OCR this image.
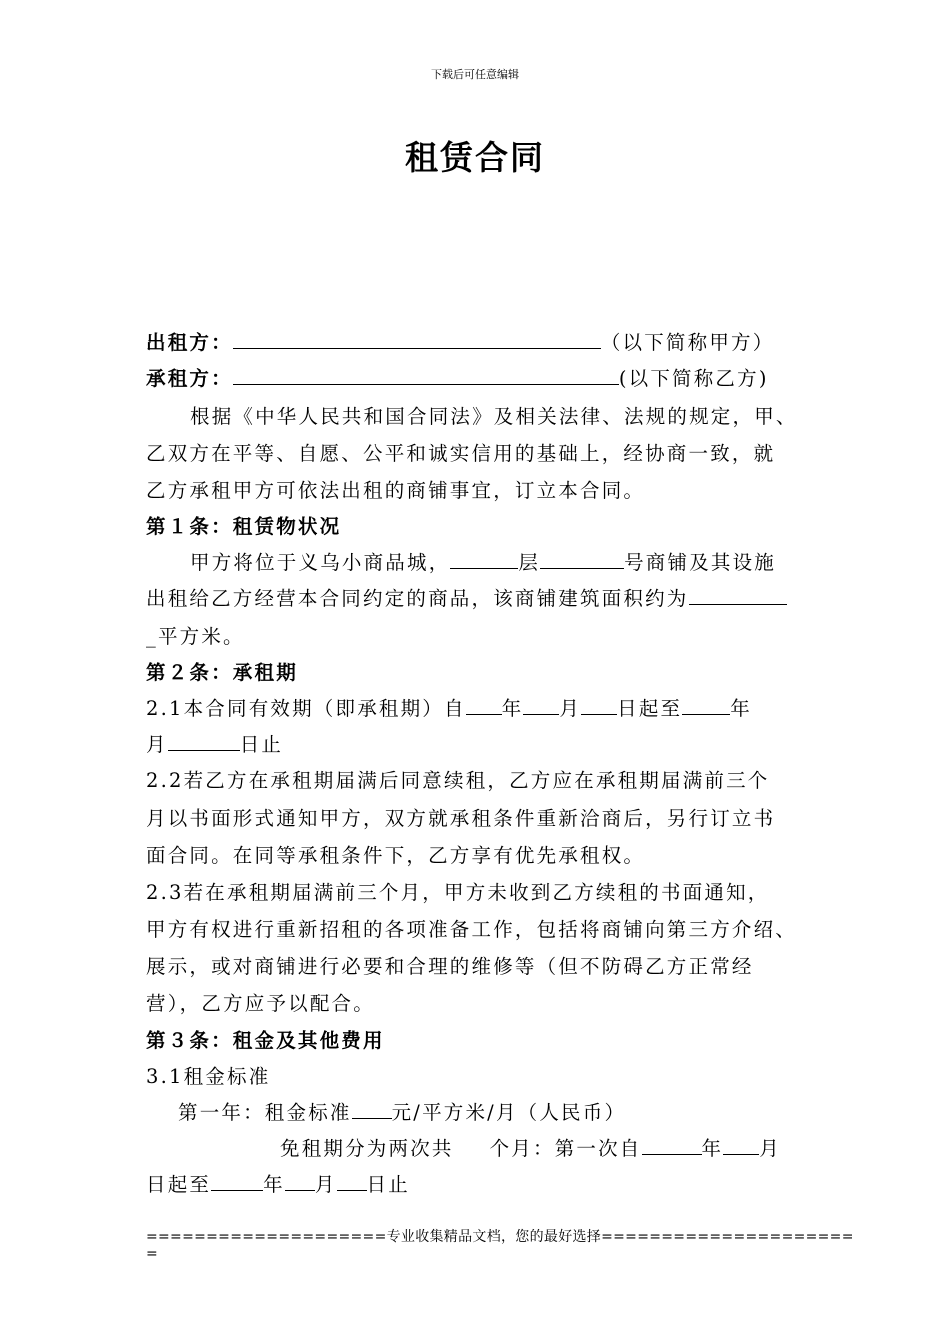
下载后可任意编辑
租赁合同
出租方：	（以下简称甲方）
承租方：	(以下简称乙方)
根据《中华人民共和国合同法》及相关法律、法规的规定，甲、
乙双方在平等、自愿、公平和诚实信用的基础上，经协商一致，就
乙方承租甲方可依法出租的商铺事宜，订立本合同。
第１条：租赁物状况
甲方将位于义乌小商品城，	层	号商铺及其设施
出租给乙方经营本合同约定的商品，该商铺建筑面积约为
_平方米。
第２条：承租期
2.1本合同有效期（即承租期）自 年 月 日起至 年
月	日止
2.2若乙方在承租期届满后同意续租，乙方应在承租期届满前三个
月以书面形式通知甲方，双方就承租条件重新洽商后，另行订立书
面合同。在同等承租条件下，乙方享有优先承租权。
2.3若在承租期届满前三个月，甲方未收到乙方续租的书面通知，
甲方有权进行重新招租的各项准备工作，包括将商铺向第三方介绍、
展示，或对商铺进行必要和合理的维修等（但不防碍乙方正常经
营），乙方应予以配合。
第３条：租金及其他费用
3.1租金标准
第一年：租金标准 元/平方米/月（人民币）
免租期分为两次共 个月：第一次自	年 月
日起至	年 月 日止
====================专业收集精品文档，您的最好选择=====================
=
